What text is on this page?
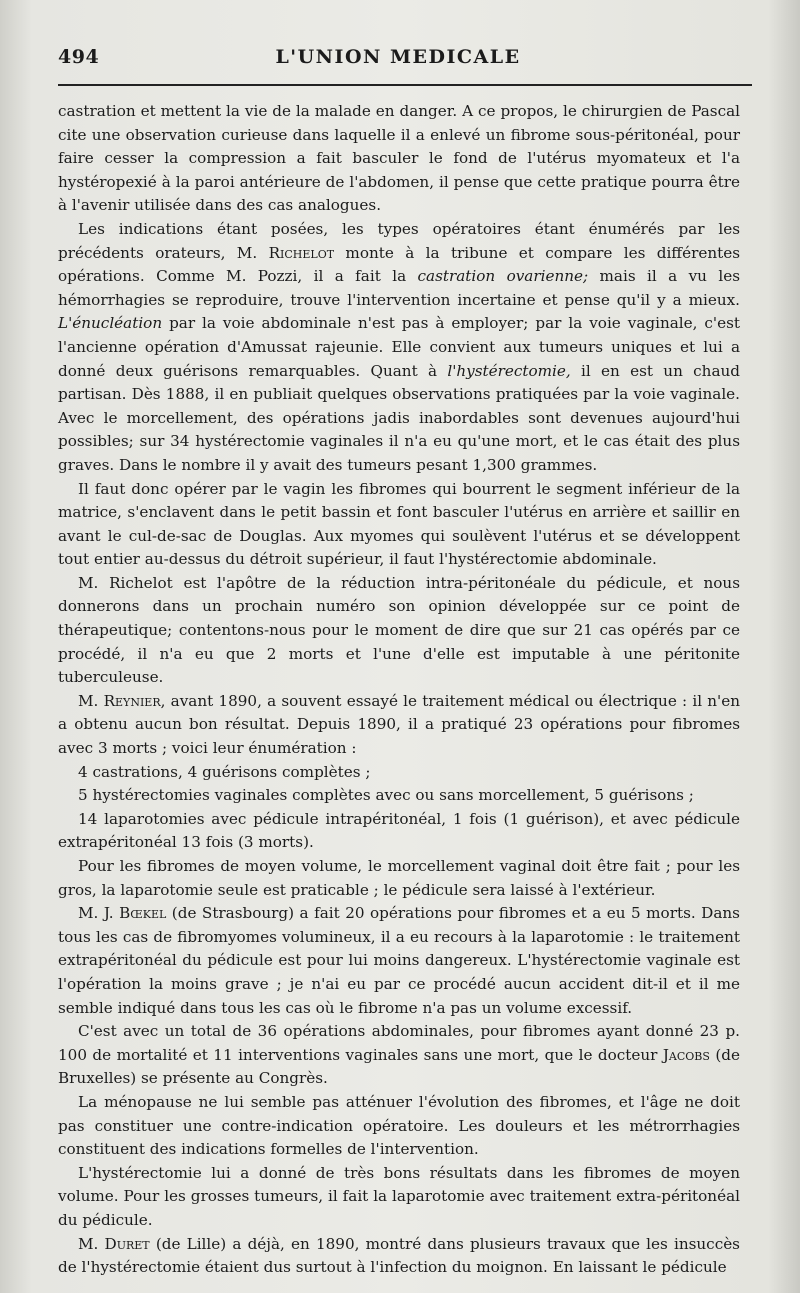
494	L'UNION MEDICALE

castration et mettent la vie de la malade en danger. A ce propos, le chirurgien de Pascal cite une observation curieuse dans laquelle il a enlevé un fibrome sous-péritonéal, pour faire cesser la compression a fait basculer le fond de l'utérus myomateux et l'a hystéropexié à la paroi antérieure de l'abdomen, il pense que cette pratique pourra être à l'avenir utilisée dans des cas analogues.

Les indications étant posées, les types opératoires étant énumérés par les précédents orateurs, M. Richelot monte à la tribune et compare les différentes opérations. Comme M. Pozzi, il a fait la castration ovarienne; mais il a vu les hémorrhagies se reproduire, trouve l'intervention incertaine et pense qu'il y a mieux. L'énucléation par la voie abdominale n'est pas à employer; par la voie vaginale, c'est l'ancienne opération d'Amussat rajeunie. Elle convient aux tumeurs uniques et lui a donné deux guérisons remarquables. Quant à l'hystérectomie, il en est un chaud partisan. Dès 1888, il en publiait quelques observations pratiquées par la voie vaginale. Avec le morcellement, des opérations jadis inabordables sont devenues aujourd'hui possibles; sur 34 hystérectomie vaginales il n'a eu qu'une mort, et le cas était des plus graves. Dans le nombre il y avait des tumeurs pesant 1,300 grammes.

Il faut donc opérer par le vagin les fibromes qui bourrent le segment inférieur de la matrice, s'enclavent dans le petit bassin et font basculer l'utérus en arrière et saillir en avant le cul-de-sac de Douglas. Aux myomes qui soulèvent l'utérus et se développent tout entier au-dessus du détroit supérieur, il faut l'hystérectomie abdominale.

M. Richelot est l'apôtre de la réduction intra-péritonéale du pédicule, et nous donnerons dans un prochain numéro son opinion développée sur ce point de thérapeutique; contentons-nous pour le moment de dire que sur 21 cas opérés par ce procédé, il n'a eu que 2 morts et l'une d'elle est imputable à une péritonite tuberculeuse.

M. Reynier, avant 1890, a souvent essayé le traitement médical ou électrique : il n'en a obtenu aucun bon résultat. Depuis 1890, il a pratiqué 23 opérations pour fibromes avec 3 morts ; voici leur énumération :

4 castrations, 4 guérisons complètes ;

5 hystérectomies vaginales complètes avec ou sans morcellement, 5 guérisons ;

14 laparotomies avec pédicule intrapéritonéal, 1 fois (1 guérison), et avec pédicule extrapéritonéal 13 fois (3 morts).

Pour les fibromes de moyen volume, le morcellement vaginal doit être fait ; pour les gros, la laparotomie seule est praticable ; le pédicule sera laissé à l'extérieur.

M. J. Bœkel (de Strasbourg) a fait 20 opérations pour fibromes et a eu 5 morts. Dans tous les cas de fibromyomes volumineux, il a eu recours à la laparotomie : le traitement extrapéritonéal du pédicule est pour lui moins dangereux. L'hystérectomie vaginale est l'opération la moins grave ; je n'ai eu par ce procédé aucun accident dit-il et il me semble indiqué dans tous les cas où le fibrome n'a pas un volume excessif.

C'est avec un total de 36 opérations abdominales, pour fibromes ayant donné 23 p. 100 de mortalité et 11 interventions vaginales sans une mort, que le docteur Jacobs (de Bruxelles) se présente au Congrès.

La ménopause ne lui semble pas atténuer l'évolution des fibromes, et l'âge ne doit pas constituer une contre-indication opératoire. Les douleurs et les métrorrhagies constituent des indications formelles de l'intervention.

L'hystérectomie lui a donné de très bons résultats dans les fibromes de moyen volume. Pour les grosses tumeurs, il fait la laparotomie avec traitement extra-péritonéal du pédicule.

M. Duret (de Lille) a déjà, en 1890, montré dans plusieurs travaux que les insuccès de l'hystérectomie étaient dus surtout à l'infection du moignon. En laissant le pédicule
